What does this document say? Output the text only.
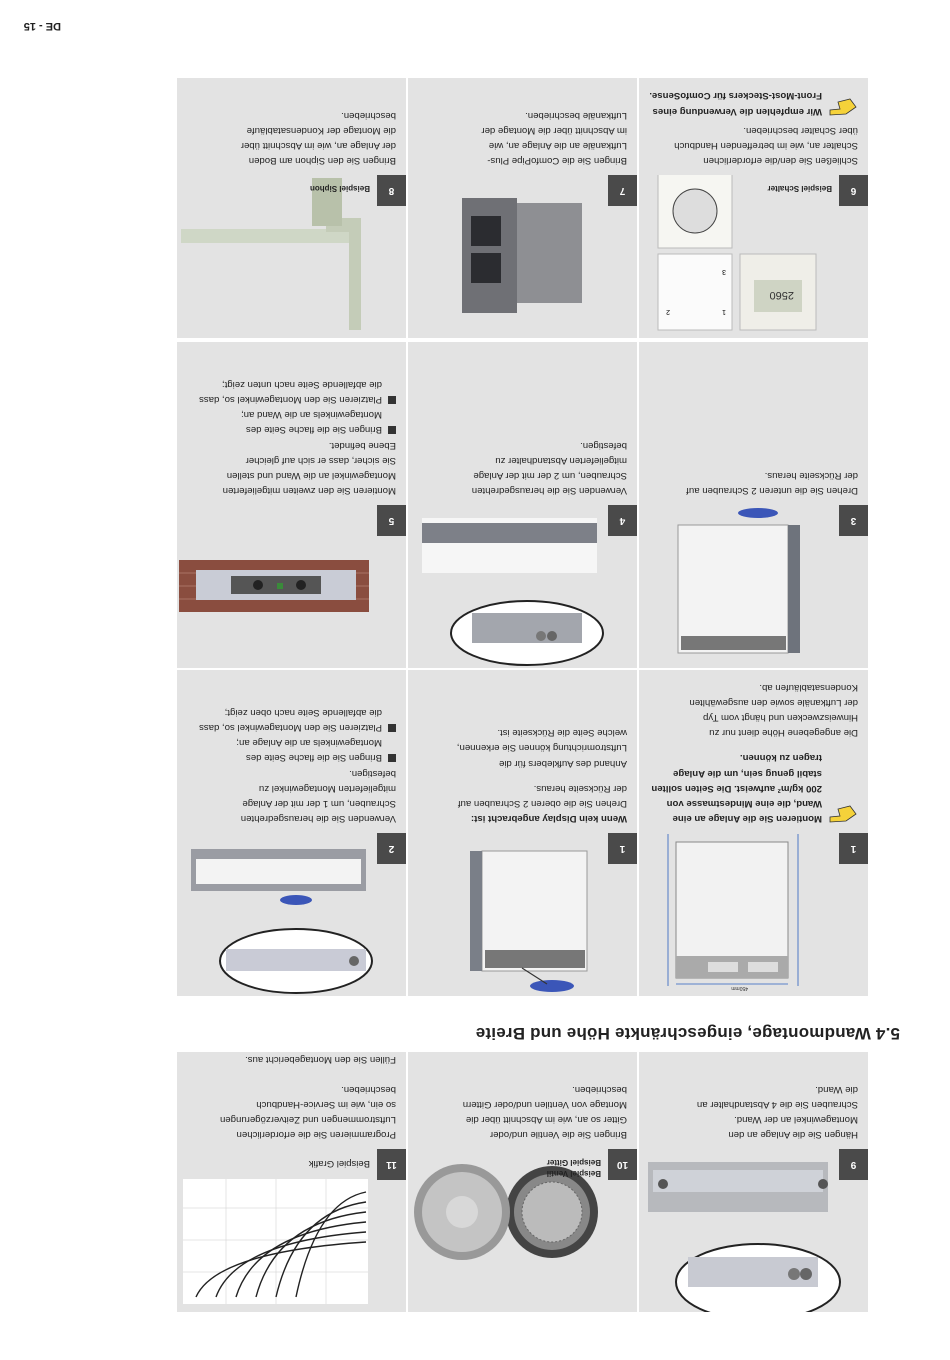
DE - 15
9
10
Beispiel Ventil
Beispiel Gitter
11
Beispiel Grafik

Hängen Sie die Anlage an den

Montagewinkel an der Wand.

Schrauben Sie die 4 Abstandhalter an

die Wand.

Bringen Sie die Ventile und/oder

Gitter so an, wie im Abschnitt über die

Montage von Ventilen und/oder Gittern

beschrieben.

Programmieren Sie die erforderlichen

Luftstrommengen und Zeitverzögerungen

so ein, wie im Service-Handbuch

beschrieben.

Füllen Sie den Montagebericht aus.

5.4 Wandmontage, eingeschränkte Höhe und Breite
1
450mm
1
2
Montieren Sie die Anlage an eine Wand, die eine Mindestmasse von 200 kg/m² aufweist. Die Seiten sollten stabil genug sein, um die Anlage tragen zu können.

Die angegebene Höhe dient nur zu

Hinweiszwecken und hängt vom Typ

der Luftkanäle sowie den ausgewählten

Kondensatabläufen ab.

Wenn kein Display angebracht ist:

Drehen Sie die oberen 2 Schrauben auf

der Rückseite heraus.

Anhand des Aufklebers für die

Luftstromrichtung können Sie erkennen,

welche Seite die Rückseite ist.

Verwenden Sie die herausgedrehten

Schrauben, um 1 der mit der Anlage

mitgelieferten Montagewinkel zu

befestigen.

Bringen Sie die flache Seite des Montagewinkels an die Anlage an;
Platzieren Sie den Montagewinkel so, dass die abfallende Seite nach oben zeigt;
3
4
5

Drehen Sie die unteren 2 Schrauben auf

der Rückseite heraus.

Verwenden Sie die herausgedrehten

Schrauben, um 2 der mit der Anlage

mitgelieferten Abstandhalter zu

befestigen.

Montieren Sie den zweiten mitgelieferten

Montagewinkel an die Wand und stellen

Sie sicher, dass er sich auf gleicher

Ebene befindet.

Bringen Sie die flache Seite des Montagewinkels an die Wand an;
Platzieren Sie den Montagewinkel so, dass die abfallende Seite nach unten zeigt;
6
2560
1
3
2
Beispiel Schalter
7
8
Beispiel Siphon

Schließen Sie den/die erforderlichen

Schalter an, wie im betreffenden Handbuch

über Schalter beschrieben.

Wir empfehlen die Verwendung eines Front-Most-Steckers für ComfoSense.

Bringen Sie die ComfoPipe Plus-

Luftkanäle an die Anlage an, wie

im Abschnitt über die Montage der

Luftkanäle beschrieben.

Bringen Sie den Siphon am Boden

der Anlage an, wie im Abschnitt über

die Montage der Kondensatabläufe

beschrieben.
